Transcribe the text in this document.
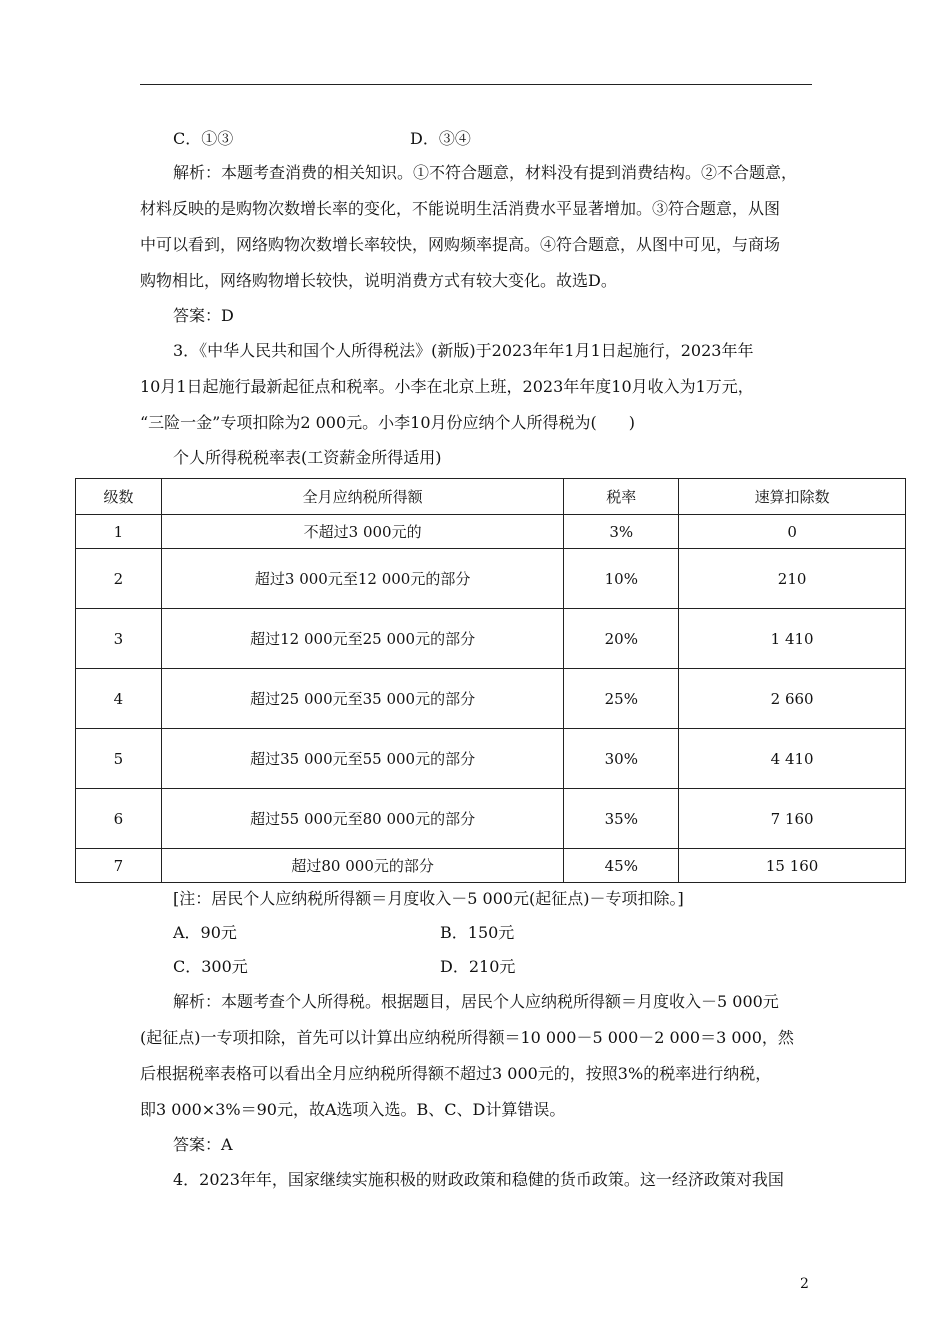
C．①③	D．③④
解析：本题考查消费的相关知识。①不符合题意，材料没有提到消费结构。②不合题意，
材料反映的是购物次数增长率的变化，不能说明生活消费水平显著增加。③符合题意，从图
中可以看到，网络购物次数增长率较快，网购频率提高。④符合题意，从图中可见，与商场
购物相比，网络购物增长较快，说明消费方式有较大变化。故选D。
答案：D
3．《中华人民共和国个人所得税法》(新版)于2023年年1月1日起施行，2023年年
10月1日起施行最新起征点和税率。小李在北京上班，2023年年度10月收入为1万元，
“三险一金”专项扣除为2 000元。小李10月份应纳个人所得税为(　　)
个人所得税税率表(工资薪金所得适用)
级数	全月应纳税所得额	税率	速算扣除数
1	不超过3 000元的	3%	0
2	超过3 000元至12 000元的部分	10%	210
3	超过12 000元至25 000元的部分	20%	1 410
4	超过25 000元至35 000元的部分	25%	2 660
5	超过35 000元至55 000元的部分	30%	4 410
6	超过55 000元至80 000元的部分	35%	7 160
7	超过80 000元的部分	45%	15 160
[注：居民个人应纳税所得额＝月度收入－5 000元(起征点)－专项扣除。]
A．90元	B．150元
C．300元	D．210元
解析：本题考查个人所得税。根据题目，居民个人应纳税所得额＝月度收入－5 000元
(起征点)一专项扣除，首先可以计算出应纳税所得额＝10 000－5 000－2 000＝3 000，然
后根据税率表格可以看出全月应纳税所得额不超过3 000元的，按照3%的税率进行纳税，
即3 000×3%＝90元，故A选项入选。B、C、D计算错误。
答案：A
4．2023年年，国家继续实施积极的财政政策和稳健的货币政策。这一经济政策对我国
2
